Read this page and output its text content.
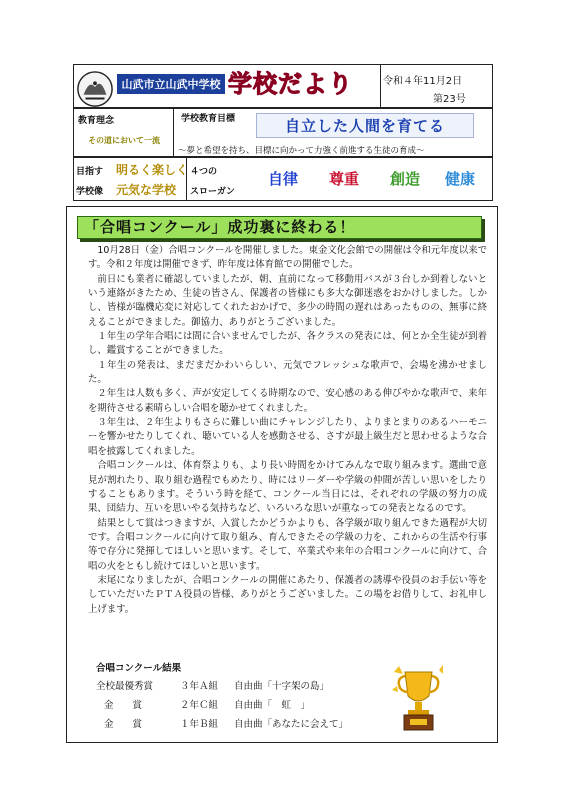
山武市立山武中学校 学校だより	令和４年11月2日
第23号
教育理念
その道において一流
学校教育目標	自立した人間を育てる
～夢と希望を持ち、目標に向かって力強く前進する生徒の育成～
目指す
学校像
明るく楽しく
元気な学校
４つの
スローガン
自律 尊重 創造 健康
「合唱コンクール」成功裏に終わる！

10月28日（金）合唱コンクールを開催しました。東金文化会館での開催は令和元年度以来です。令和２年度は開催できず、昨年度は体育館での開催でした。

前日にも業者に確認していましたが、朝、直前になって移動用バスが３台しか到着しないという連絡がきたため、生徒の皆さん、保護者の皆様にも多大な御迷惑をおかけしました。しかし、皆様が臨機応変に対応してくれたおかげで、多少の時間の遅れはあったものの、無事に終えることができました。御協力、ありがとうございました。

１年生の学年合唱には間に合いませんでしたが、各クラスの発表には、何とか全生徒が到着し、鑑賞することができました。

１年生の発表は、まだまだかわいらしい、元気でフレッシュな歌声で、会場を沸かせました。

２年生は人数も多く、声が安定してくる時期なので、安心感のある伸びやかな歌声で、来年を期待させる素晴らしい合唱を聴かせてくれました。

３年生は、２年生よりもさらに難しい曲にチャレンジしたり、よりまとまりのあるハーモニーを響かせたりしてくれ、聴いている人を感動させる、さすが最上級生だと思わせるような合唱を披露してくれました。

合唱コンクールは、体育祭よりも、より長い時間をかけてみんなで取り組みます。選曲で意見が割れたり、取り組む過程でもめたり、時にはリーダーや学級の仲間が苦しい思いをしたりすることもあります。そういう時を経て、コンクール当日には、それぞれの学級の努力の成果、団結力、互いを思いやる気持ちなど、いろいろな思いが重なっての発表となるのです。

結果として賞はつきますが、入賞したかどうかよりも、各学級が取り組んできた過程が大切です。合唱コンクールに向けて取り組み、育んできたその学級の力を、これからの生活や行事等で存分に発揮してほしいと思います。そして、卒業式や来年の合唱コンクールに向けて、合唱の火をともし続けてほしいと思います。

末尾になりましたが、合唱コンクールの開催にあたり、保護者の誘導や役員のお手伝い等をしていただいたＰＴＡ役員の皆様、ありがとうございました。この場をお借りして、お礼申し上げます。

合唱コンクール結果
全校最優秀賞	３年Ａ組 自由曲「十字架の島」
金　　賞	２年Ｃ組 自由曲「　虹　」
金　　賞	１年Ｂ組 自由曲「あなたに会えて」
